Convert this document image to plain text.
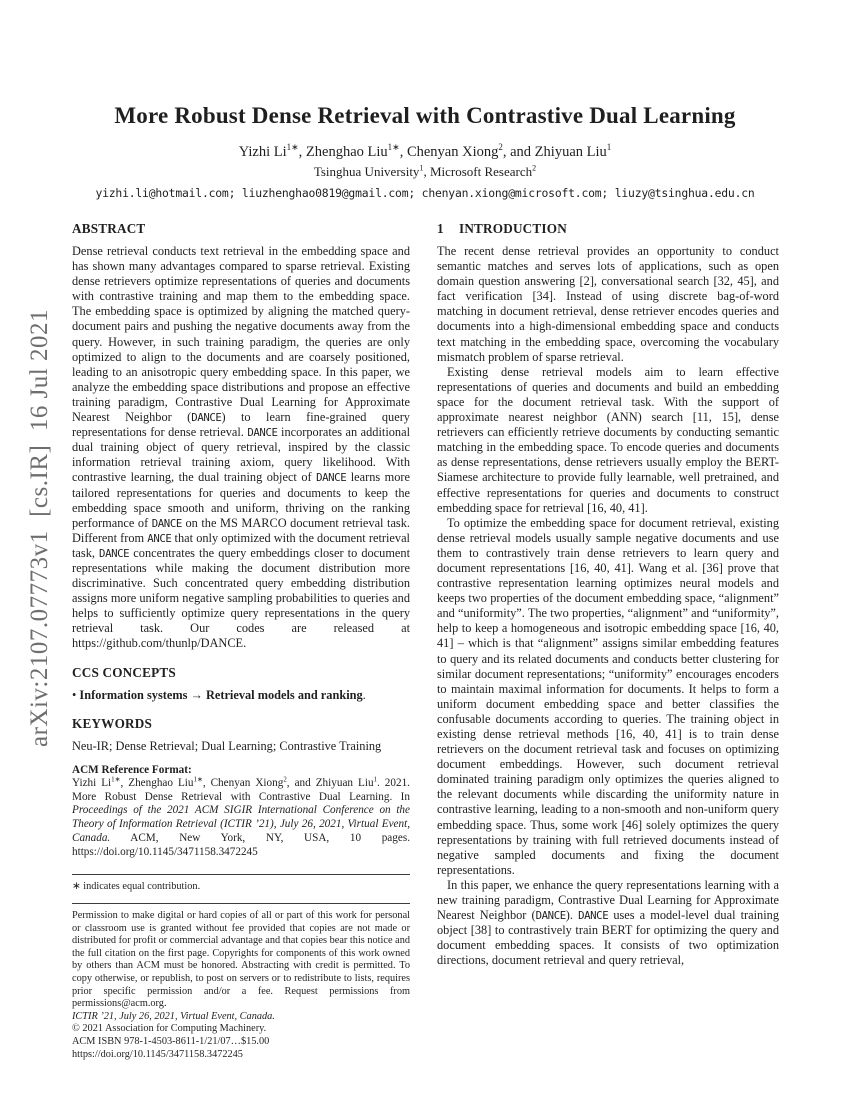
arXiv:2107.07773v1  [cs.IR]  16 Jul 2021
More Robust Dense Retrieval with Contrastive Dual Learning
Yizhi $Li^{1∗}$, Zhenghao Liu$^{1∗}$, Chenyan Xiong$^2$, and Zhiyuan Liu$^1$
Tsinghua University$^1$, Microsoft Research$^2$
yizhi.li@hotmail.com; liuzhenghao0819@gmail.com; chenyan.xiong@microsoft.com; liuzy@tsinghua.edu.cn
ABSTRACT

Dense retrieval conducts text retrieval in the embedding space and has shown many advantages compared to sparse retrieval. Existing dense retrievers optimize representations of queries and documents with contrastive training and map them to the embedding space. The embedding space is optimized by aligning the matched query-document pairs and pushing the negative documents away from the query. However, in such training paradigm, the queries are only optimized to align to the documents and are coarsely positioned, leading to an anisotropic query embedding space. In this paper, we analyze the embedding space distributions and propose an effective training paradigm, Contrastive Dual Learning for Approximate Nearest Neighbor (DANCE) to learn fine-grained query representations for dense retrieval. DANCE incorporates an additional dual training object of query retrieval, inspired by the classic information retrieval training axiom, query likelihood. With contrastive learning, the dual training object of DANCE learns more tailored representations for queries and documents to keep the embedding space smooth and uniform, thriving on the ranking performance of DANCE on the MS MARCO document retrieval task. Different from ANCE that only optimized with the document retrieval task, DANCE concentrates the query embeddings closer to document representations while making the document distribution more discriminative. Such concentrated query embedding distribution assigns more uniform negative sampling probabilities to queries and helps to sufficiently optimize query representations in the query retrieval task. Our codes are released at https://github.com/thunlp/DANCE.

CCS CONCEPTS

• Information systems → Retrieval models and ranking.

KEYWORDS

Neu-IR; Dense Retrieval; Dual Learning; Contrastive Training

ACM Reference Format:

Yizhi $Li^{1∗}$, Zhenghao Liu$^{1∗}$, Chenyan Xiong$^2$, and Zhiyuan Liu$^1$. 2021. More Robust Dense Retrieval with Contrastive Dual Learning. In Proceedings of the 2021 ACM SIGIR International Conference on the Theory of Information Retrieval (ICTIR ’21), July 26, 2021, Virtual Event, Canada. ACM, New York, NY, USA, 10 pages. https://doi.org/10.1145/3471158.3472245

∗ indicates equal contribution.

Permission to make digital or hard copies of all or part of this work for personal or classroom use is granted without fee provided that copies are not made or distributed for profit or commercial advantage and that copies bear this notice and the full citation on the first page. Copyrights for components of this work owned by others than ACM must be honored. Abstracting with credit is permitted. To copy otherwise, or republish, to post on servers or to redistribute to lists, requires prior specific permission and/or a fee. Request permissions from permissions@acm.org.
ICTIR ’21, July 26, 2021, Virtual Event, Canada.
© 2021 Association for Computing Machinery.
ACM ISBN 978-1-4503-8611-1/21/07…$15.00
https://doi.org/10.1145/3471158.3472245

1 INTRODUCTION

The recent dense retrieval provides an opportunity to conduct semantic matches and serves lots of applications, such as open domain question answering [2], conversational search [32, 45], and fact verification [34]. Instead of using discrete bag-of-word matching in document retrieval, dense retriever encodes queries and documents into a high-dimensional embedding space and conducts text matching in the embedding space, overcoming the vocabulary mismatch problem of sparse retrieval.

Existing dense retrieval models aim to learn effective representations of queries and documents and build an embedding space for the document retrieval task. With the support of approximate nearest neighbor (ANN) search [11, 15], dense retrievers can efficiently retrieve documents by conducting semantic matching in the embedding space. To encode queries and documents as dense representations, dense retrievers usually employ the BERT-Siamese architecture to provide fully learnable, well pretrained, and effective representations for queries and documents to construct embedding space for retrieval [16, 40, 41].

To optimize the embedding space for document retrieval, existing dense retrieval models usually sample negative documents and use them to contrastively train dense retrievers to learn query and document representations [16, 40, 41]. Wang et al. [36] prove that contrastive representation learning optimizes neural models and keeps two properties of the document embedding space, “alignment” and “uniformity”. The two properties, “alignment” and “uniformity”, help to keep a homogeneous and isotropic embedding space [16, 40, 41] – which is that “alignment” assigns similar embedding features to query and its related documents and conducts better clustering for similar document representations; “uniformity” encourages encoders to maintain maximal information for documents. It helps to form a uniform document embedding space and better classifies the confusable documents according to queries. The training object in existing dense retrieval methods [16, 40, 41] is to train dense retrievers on the document retrieval task and focuses on optimizing document embeddings. However, such document retrieval dominated training paradigm only optimizes the queries aligned to the relevant documents while discarding the uniformity nature in contrastive learning, leading to a non-smooth and non-uniform query embedding space. Thus, some work [46] solely optimizes the query representations by training with full retrieved documents instead of negative sampled documents and fixing the document representations.

In this paper, we enhance the query representations learning with a new training paradigm, Contrastive Dual Learning for Approximate Nearest Neighbor (DANCE). DANCE uses a model-level dual training object [38] to contrastively train BERT for optimizing the query and document embedding spaces. It consists of two optimization directions, document retrieval and query retrieval,
